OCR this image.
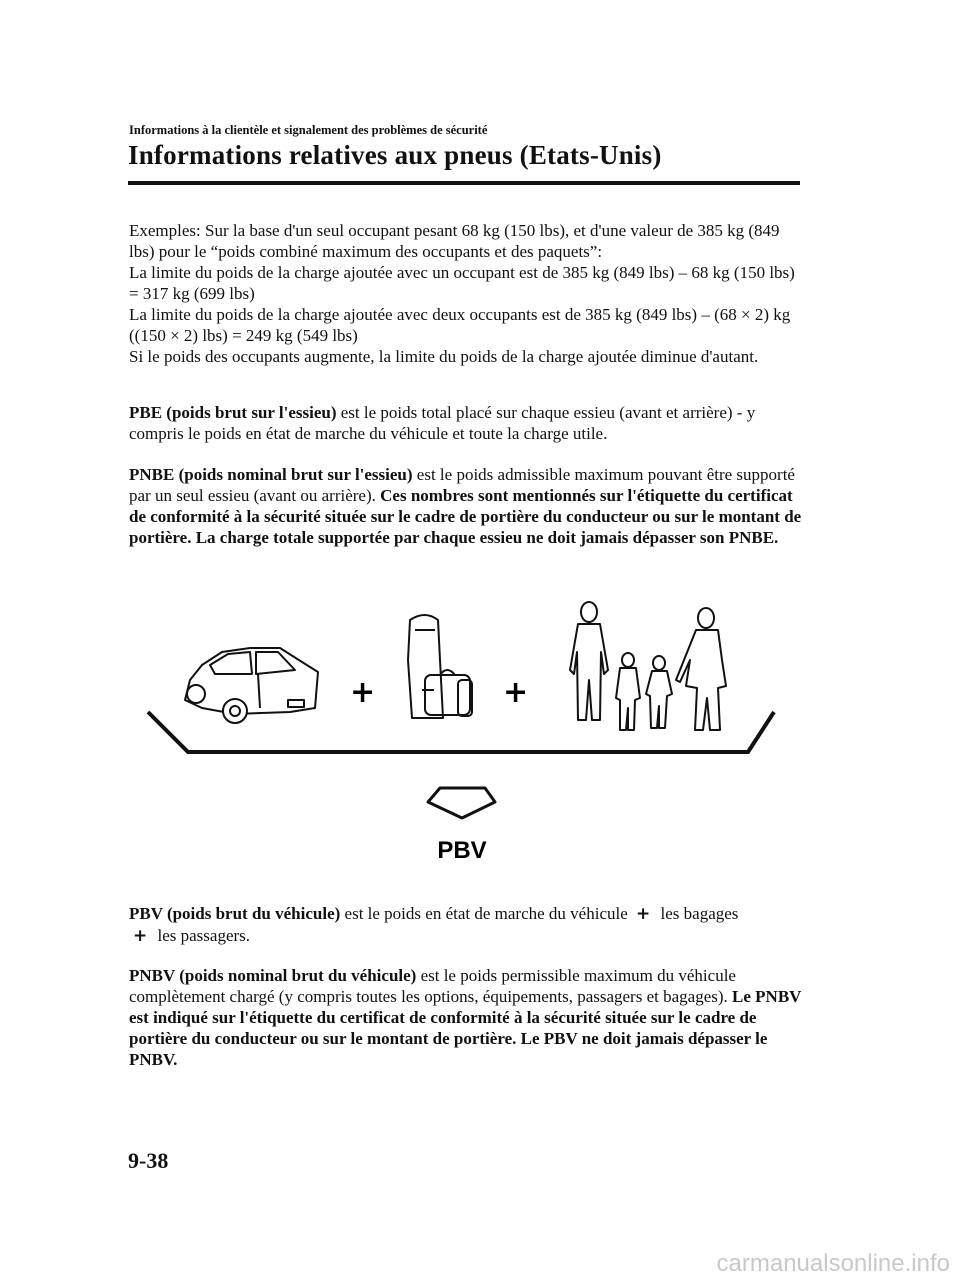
Informations à la clientèle et signalement des problèmes de sécurité
Informations relatives aux pneus (Etats-Unis)

Exemples: Sur la base d'un seul occupant pesant 68 kg (150 lbs), et d'une valeur de 385 kg (849 lbs) pour le “poids combiné maximum des occupants et des paquets”:

La limite du poids de la charge ajoutée avec un occupant est de 385 kg (849 lbs) – 68 kg (150 lbs) = 317 kg (699 lbs)

La limite du poids de la charge ajoutée avec deux occupants est de 385 kg (849 lbs) – (68 × 2) kg ((150 × 2) lbs) = 249 kg (549 lbs)

Si le poids des occupants augmente, la limite du poids de la charge ajoutée diminue d'autant.

PBE (poids brut sur l'essieu) est le poids total placé sur chaque essieu (avant et arrière) - y compris le poids en état de marche du véhicule et toute la charge utile.

PNBE (poids nominal brut sur l'essieu) est le poids admissible maximum pouvant être supporté par un seul essieu (avant ou arrière). Ces nombres sont mentionnés sur l'étiquette du certificat de conformité à la sécurité située sur le cadre de portière du conducteur ou sur le montant de portière. La charge totale supportée par chaque essieu ne doit jamais dépasser son PNBE.

+	+
PBV

PBV (poids brut du véhicule) est le poids en état de marche du véhicule + les bagages

+ les passagers.

PNBV (poids nominal brut du véhicule) est le poids permissible maximum du véhicule complètement chargé (y compris toutes les options, équipements, passagers et bagages). Le PNBV est indiqué sur l'étiquette du certificat de conformité à la sécurité située sur le cadre de portière du conducteur ou sur le montant de portière. Le PBV ne doit jamais dépasser le PNBV.

9-38
carmanualsonline.info
